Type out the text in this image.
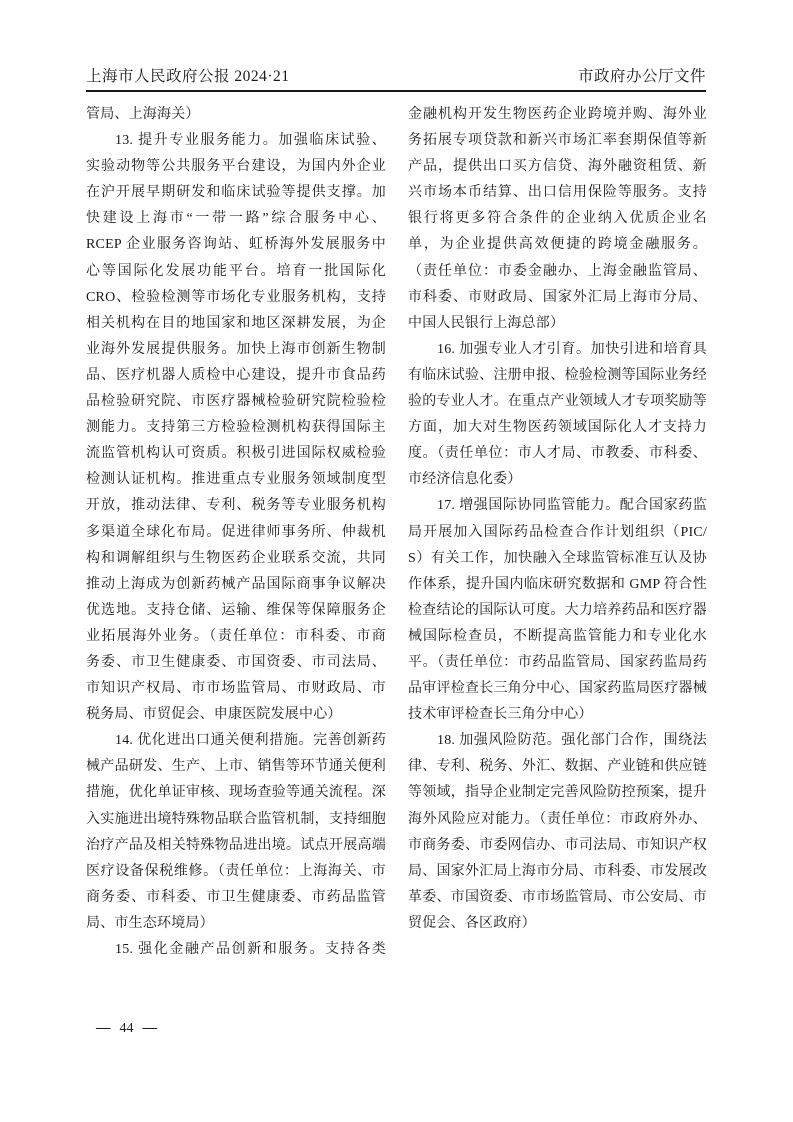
上海市人民政府公报 2024·21	市政府办公厅文件
管局、上海海关）
13. 提升专业服务能力。加强临床试验、
实验动物等公共服务平台建设，为国内外企业
在沪开展早期研发和临床试验等提供支撑。加
快建设上海市“一带一路”综合服务中心、
RCEP 企业服务咨询站、虹桥海外发展服务中
心等国际化发展功能平台。培育一批国际化
CRO、检验检测等市场化专业服务机构，支持
相关机构在目的地国家和地区深耕发展，为企
业海外发展提供服务。加快上海市创新生物制
品、医疗机器人质检中心建设，提升市食品药
品检验研究院、市医疗器械检验研究院检验检
测能力。支持第三方检验检测机构获得国际主
流监管机构认可资质。积极引进国际权威检验
检测认证机构。推进重点专业服务领域制度型
开放，推动法律、专利、税务等专业服务机构
多渠道全球化布局。促进律师事务所、仲裁机
构和调解组织与生物医药企业联系交流，共同
推动上海成为创新药械产品国际商事争议解决
优选地。支持仓储、运输、维保等保障服务企
业拓展海外业务。（责任单位：市科委、市商
务委、市卫生健康委、市国资委、市司法局、
市知识产权局、市市场监管局、市财政局、市
税务局、市贸促会、申康医院发展中心）
14. 优化进出口通关便利措施。完善创新药
械产品研发、生产、上市、销售等环节通关便利
措施，优化单证审核、现场查验等通关流程。深
入实施进出境特殊物品联合监管机制，支持细胞
治疗产品及相关特殊物品进出境。试点开展高端
医疗设备保税维修。（责任单位：上海海关、市
商务委、市科委、市卫生健康委、市药品监管
局、市生态环境局）
15. 强化金融产品创新和服务。支持各类
金融机构开发生物医药企业跨境并购、海外业
务拓展专项贷款和新兴市场汇率套期保值等新
产品，提供出口买方信贷、海外融资租赁、新
兴市场本币结算、出口信用保险等服务。支持
银行将更多符合条件的企业纳入优质企业名
单，为企业提供高效便捷的跨境金融服务。
（责任单位：市委金融办、上海金融监管局、
市科委、市财政局、国家外汇局上海市分局、
中国人民银行上海总部）
16. 加强专业人才引育。加快引进和培育具
有临床试验、注册申报、检验检测等国际业务经
验的专业人才。在重点产业领域人才专项奖励等
方面，加大对生物医药领域国际化人才支持力
度。（责任单位：市人才局、市教委、市科委、
市经济信息化委）
17. 增强国际协同监管能力。配合国家药监
局开展加入国际药品检查合作计划组织（PIC/
S）有关工作，加快融入全球监管标准互认及协
作体系，提升国内临床研究数据和 GMP 符合性
检查结论的国际认可度。大力培养药品和医疗器
械国际检查员，不断提高监管能力和专业化水
平。（责任单位：市药品监管局、国家药监局药
品审评检查长三角分中心、国家药监局医疗器械
技术审评检查长三角分中心）
18. 加强风险防范。强化部门合作，围绕法
律、专利、税务、外汇、数据、产业链和供应链
等领域，指导企业制定完善风险防控预案，提升
海外风险应对能力。（责任单位：市政府外办、
市商务委、市委网信办、市司法局、市知识产权
局、国家外汇局上海市分局、市科委、市发展改
革委、市国资委、市市场监管局、市公安局、市
贸促会、各区政府）
— 44 —
